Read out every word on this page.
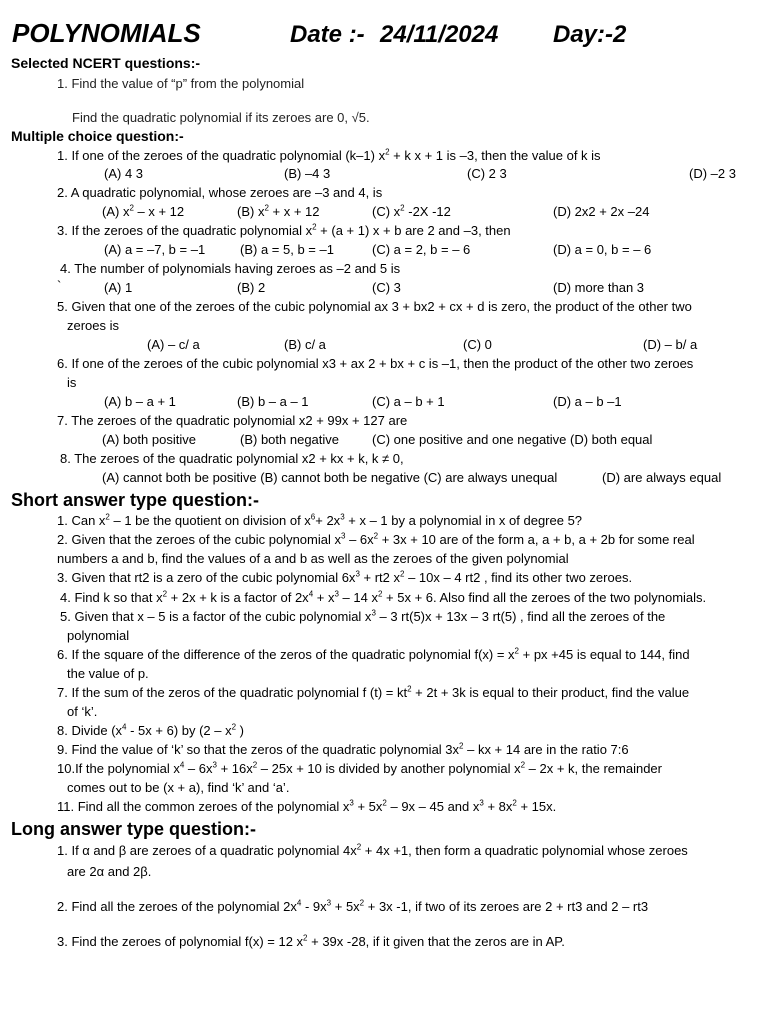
POLYNOMIALS	Date :- 24/11/2024 Day:-2
Selected NCERT questions:-
1. Find the value of “p” from the polynomial
Find the quadratic polynomial if its zeroes are 0, √5.
Multiple choice question:-
1. If one of the zeroes of the quadratic polynomial (k–1) $x^2 + k$ x + 1 is –3, then the value of k is
(A) 4 3	(B) –4 3	(C) 2 3	(D) –2 3
2. A quadratic polynomial, whose zeroes are –3 and 4, is
(A) $x^2 - x + 12$	(B) $x^2 + x + 12$	(C) $x^2$ -2X -12	(D) 2x2 + 2x –24
3. If the zeroes of the quadratic polynomial $x^2 + (a + 1) x + b$ are 2 and –3, then
(A) a = –7, b = –1	(B) a = 5, b = –1	(C) a = 2, b = – 6	(D) a = 0, b = – 6
4. The number of polynomials having zeroes as –2 and 5 is
`	(A) 1	(B) 2	(C) 3	(D) more than 3
5. Given that one of the zeroes of the cubic polynomial ax 3 + bx2 + cx + d is zero, the product of the other two
zeroes is
(A) – c/ a	(B) c/ a	(C) 0	(D) – b/ a
6. If one of the zeroes of the cubic polynomial x3 + ax 2 + bx + c is –1, then the product of the other two zeroes
is
(A) b – a + 1	(B) b – a – 1	(C) a – b + 1	(D) a – b –1
7. The zeroes of the quadratic polynomial x2 + 99x + 127 are
(A) both positive	(B) both negative	(C) one positive and one negative (D) both equal
8. The zeroes of the quadratic polynomial x2 + kx + k, k ≠ 0,
(A) cannot both be positive (B) cannot both be negative (C) are always unequal	(D) are always equal
Short answer type question:-
1. Can $x^2 - 1$ be the quotient on division of $x^6+ 2x^3 + x - 1$ by a polynomial in x of degree 5?
2. Given that the zeroes of the cubic polynomial $x^3 - 6x^2 + 3x + 10$ are of the form a, a + b, a + 2b for some real
numbers a and b, find the values of a and b as well as the zeroes of the given polynomial
3. Given that rt2 is a zero of the cubic polynomial $6x^3 + rt2$ $x^2 - 10x - 4$ rt2 , find its other two zeroes.
4. Find k so that $x^2 + 2x + k$ is a factor of $2x^4 + x^3 - 14$ $x^2 + 5x + 6$. Also find all the zeroes of the two polynomials.
5. Given that x – 5 is a factor of the cubic polynomial $x^3 - 3$ rt(5)x + 13x – 3 rt(5) , find all the zeroes of the
polynomial
6. If the square of the difference of the zeros of the quadratic polynomial $f(x) = x^2$ + px +45 is equal to 144, find
the value of p.
7. If the sum of the zeros of the quadratic polynomial f $(t) = kt^2 + 2t + 3k$ is equal to their product, find the value
of ‘k’.
8. Divide $(x^4 - 5x + 6)$ by ($2 - x^2$ )
9. Find the value of ‘k’ so that the zeros of the quadratic polynomial $3x^2$ – kx + 14 are in the ratio 7:6
10.If the polynomial $x^4 - 6x^3 + 16x^2 - 25x + 10$ is divided by another polynomial $x^2 - 2x + k$, the remainder
comes out to be (x + a), find ‘k’ and ‘a’.
11. Find all the common zeroes of the polynomial $x^3 + 5x^2 - 9x - 45$ and $x^3 + 8x^2 + 15x$.
Long answer type question:-
1. If α and β are zeroes of a quadratic polynomial $4x^2 + 4x +1$, then form a quadratic polynomial whose zeroes
are 2α and 2β.
2. Find all the zeroes of the polynomial $2x^4 - 9x^3 + 5x^2 + 3x$ -1, if two of its zeroes are 2 + rt3 and 2 – rt3
3. Find the zeroes of polynomial f(x) = 12 $x^2 + 39x$ -28, if it given that the zeros are in AP.
